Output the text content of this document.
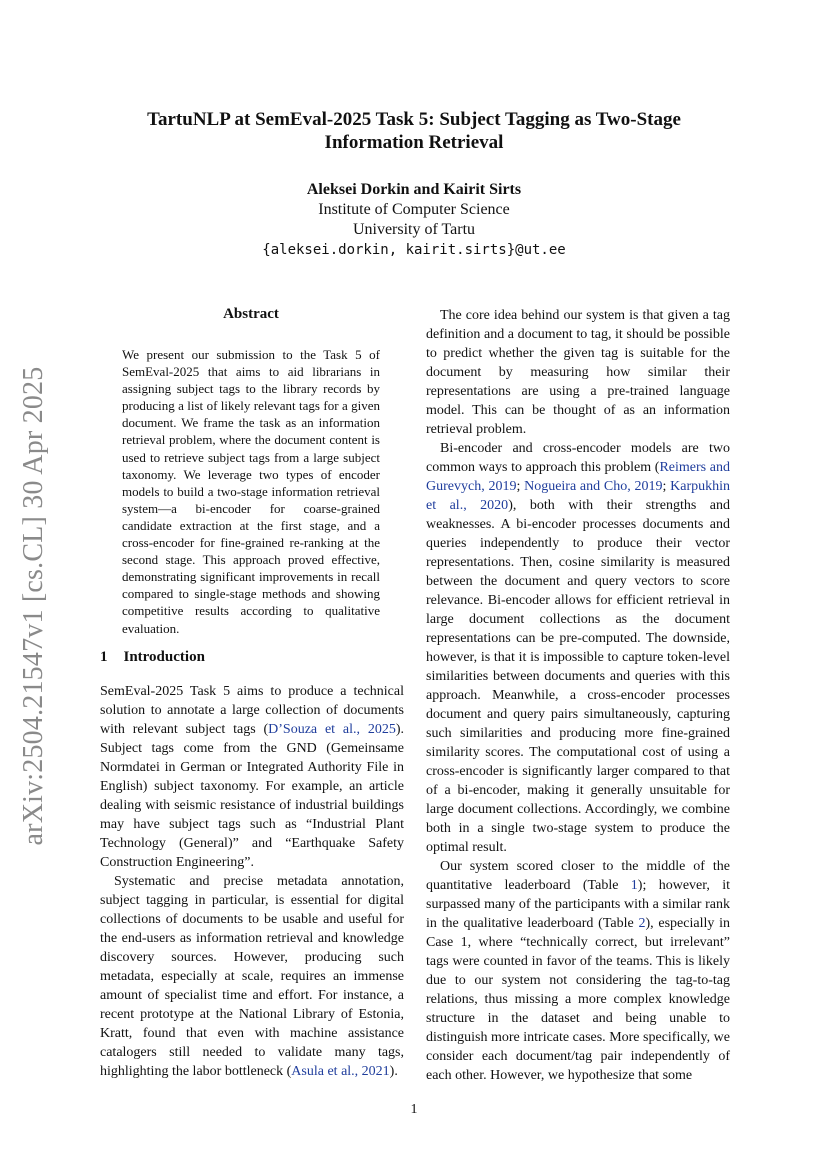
arXiv:2504.21547v1 [cs.CL] 30 Apr 2025
TartuNLP at SemEval-2025 Task 5: Subject Tagging as Two-Stage
Information Retrieval
Aleksei Dorkin and Kairit Sirts
Institute of Computer Science
University of Tartu
{aleksei.dorkin, kairit.sirts}@ut.ee
Abstract
We present our submission to the Task 5 of SemEval-2025 that aims to aid librarians in assigning subject tags to the library records by producing a list of likely relevant tags for a given document. We frame the task as an information retrieval problem, where the document content is used to retrieve subject tags from a large subject taxonomy. We leverage two types of encoder models to build a two-stage information retrieval system—a bi-encoder for coarse-grained candidate extraction at the first stage, and a cross-encoder for fine-grained re-ranking at the second stage. This approach proved effective, demonstrating significant improvements in recall compared to single-stage methods and showing competitive results according to qualitative evaluation.
1 Introduction

SemEval-2025 Task 5 aims to produce a technical solution to annotate a large collection of documents with relevant subject tags (D’Souza et al., 2025). Subject tags come from the GND (Gemeinsame Normdatei in German or Integrated Authority File in English) subject taxonomy. For example, an article dealing with seismic resistance of industrial buildings may have subject tags such as “Industrial Plant Technology (General)” and “Earthquake Safety Construction Engineering”.

Systematic and precise metadata annotation, subject tagging in particular, is essential for digital collections of documents to be usable and useful for the end-users as information retrieval and knowledge discovery sources. However, producing such metadata, especially at scale, requires an immense amount of specialist time and effort. For instance, a recent prototype at the National Library of Estonia, Kratt, found that even with machine assistance catalogers still needed to validate many tags, highlighting the labor bottleneck (Asula et al., 2021).

The core idea behind our system is that given a tag definition and a document to tag, it should be possible to predict whether the given tag is suitable for the document by measuring how similar their representations are using a pre-trained language model. This can be thought of as an information retrieval problem.

Bi-encoder and cross-encoder models are two common ways to approach this problem (Reimers and Gurevych, 2019; Nogueira and Cho, 2019; Karpukhin et al., 2020), both with their strengths and weaknesses. A bi-encoder processes documents and queries independently to produce their vector representations. Then, cosine similarity is measured between the document and query vectors to score relevance. Bi-encoder allows for efficient retrieval in large document collections as the document representations can be pre-computed. The downside, however, is that it is impossible to capture token-level similarities between documents and queries with this approach. Meanwhile, a cross-encoder processes document and query pairs simultaneously, capturing such similarities and producing more fine-grained similarity scores. The computational cost of using a cross-encoder is significantly larger compared to that of a bi-encoder, making it generally unsuitable for large document collections. Accordingly, we combine both in a single two-stage system to produce the optimal result.

Our system scored closer to the middle of the quantitative leaderboard (Table 1); however, it surpassed many of the participants with a similar rank in the qualitative leaderboard (Table 2), especially in Case 1, where “technically correct, but irrelevant” tags were counted in favor of the teams. This is likely due to our system not considering the tag-to-tag relations, thus missing a more complex knowledge structure in the dataset and being unable to distinguish more intricate cases. More specifically, we consider each document/tag pair independently of each other. However, we hypothesize that some

1
